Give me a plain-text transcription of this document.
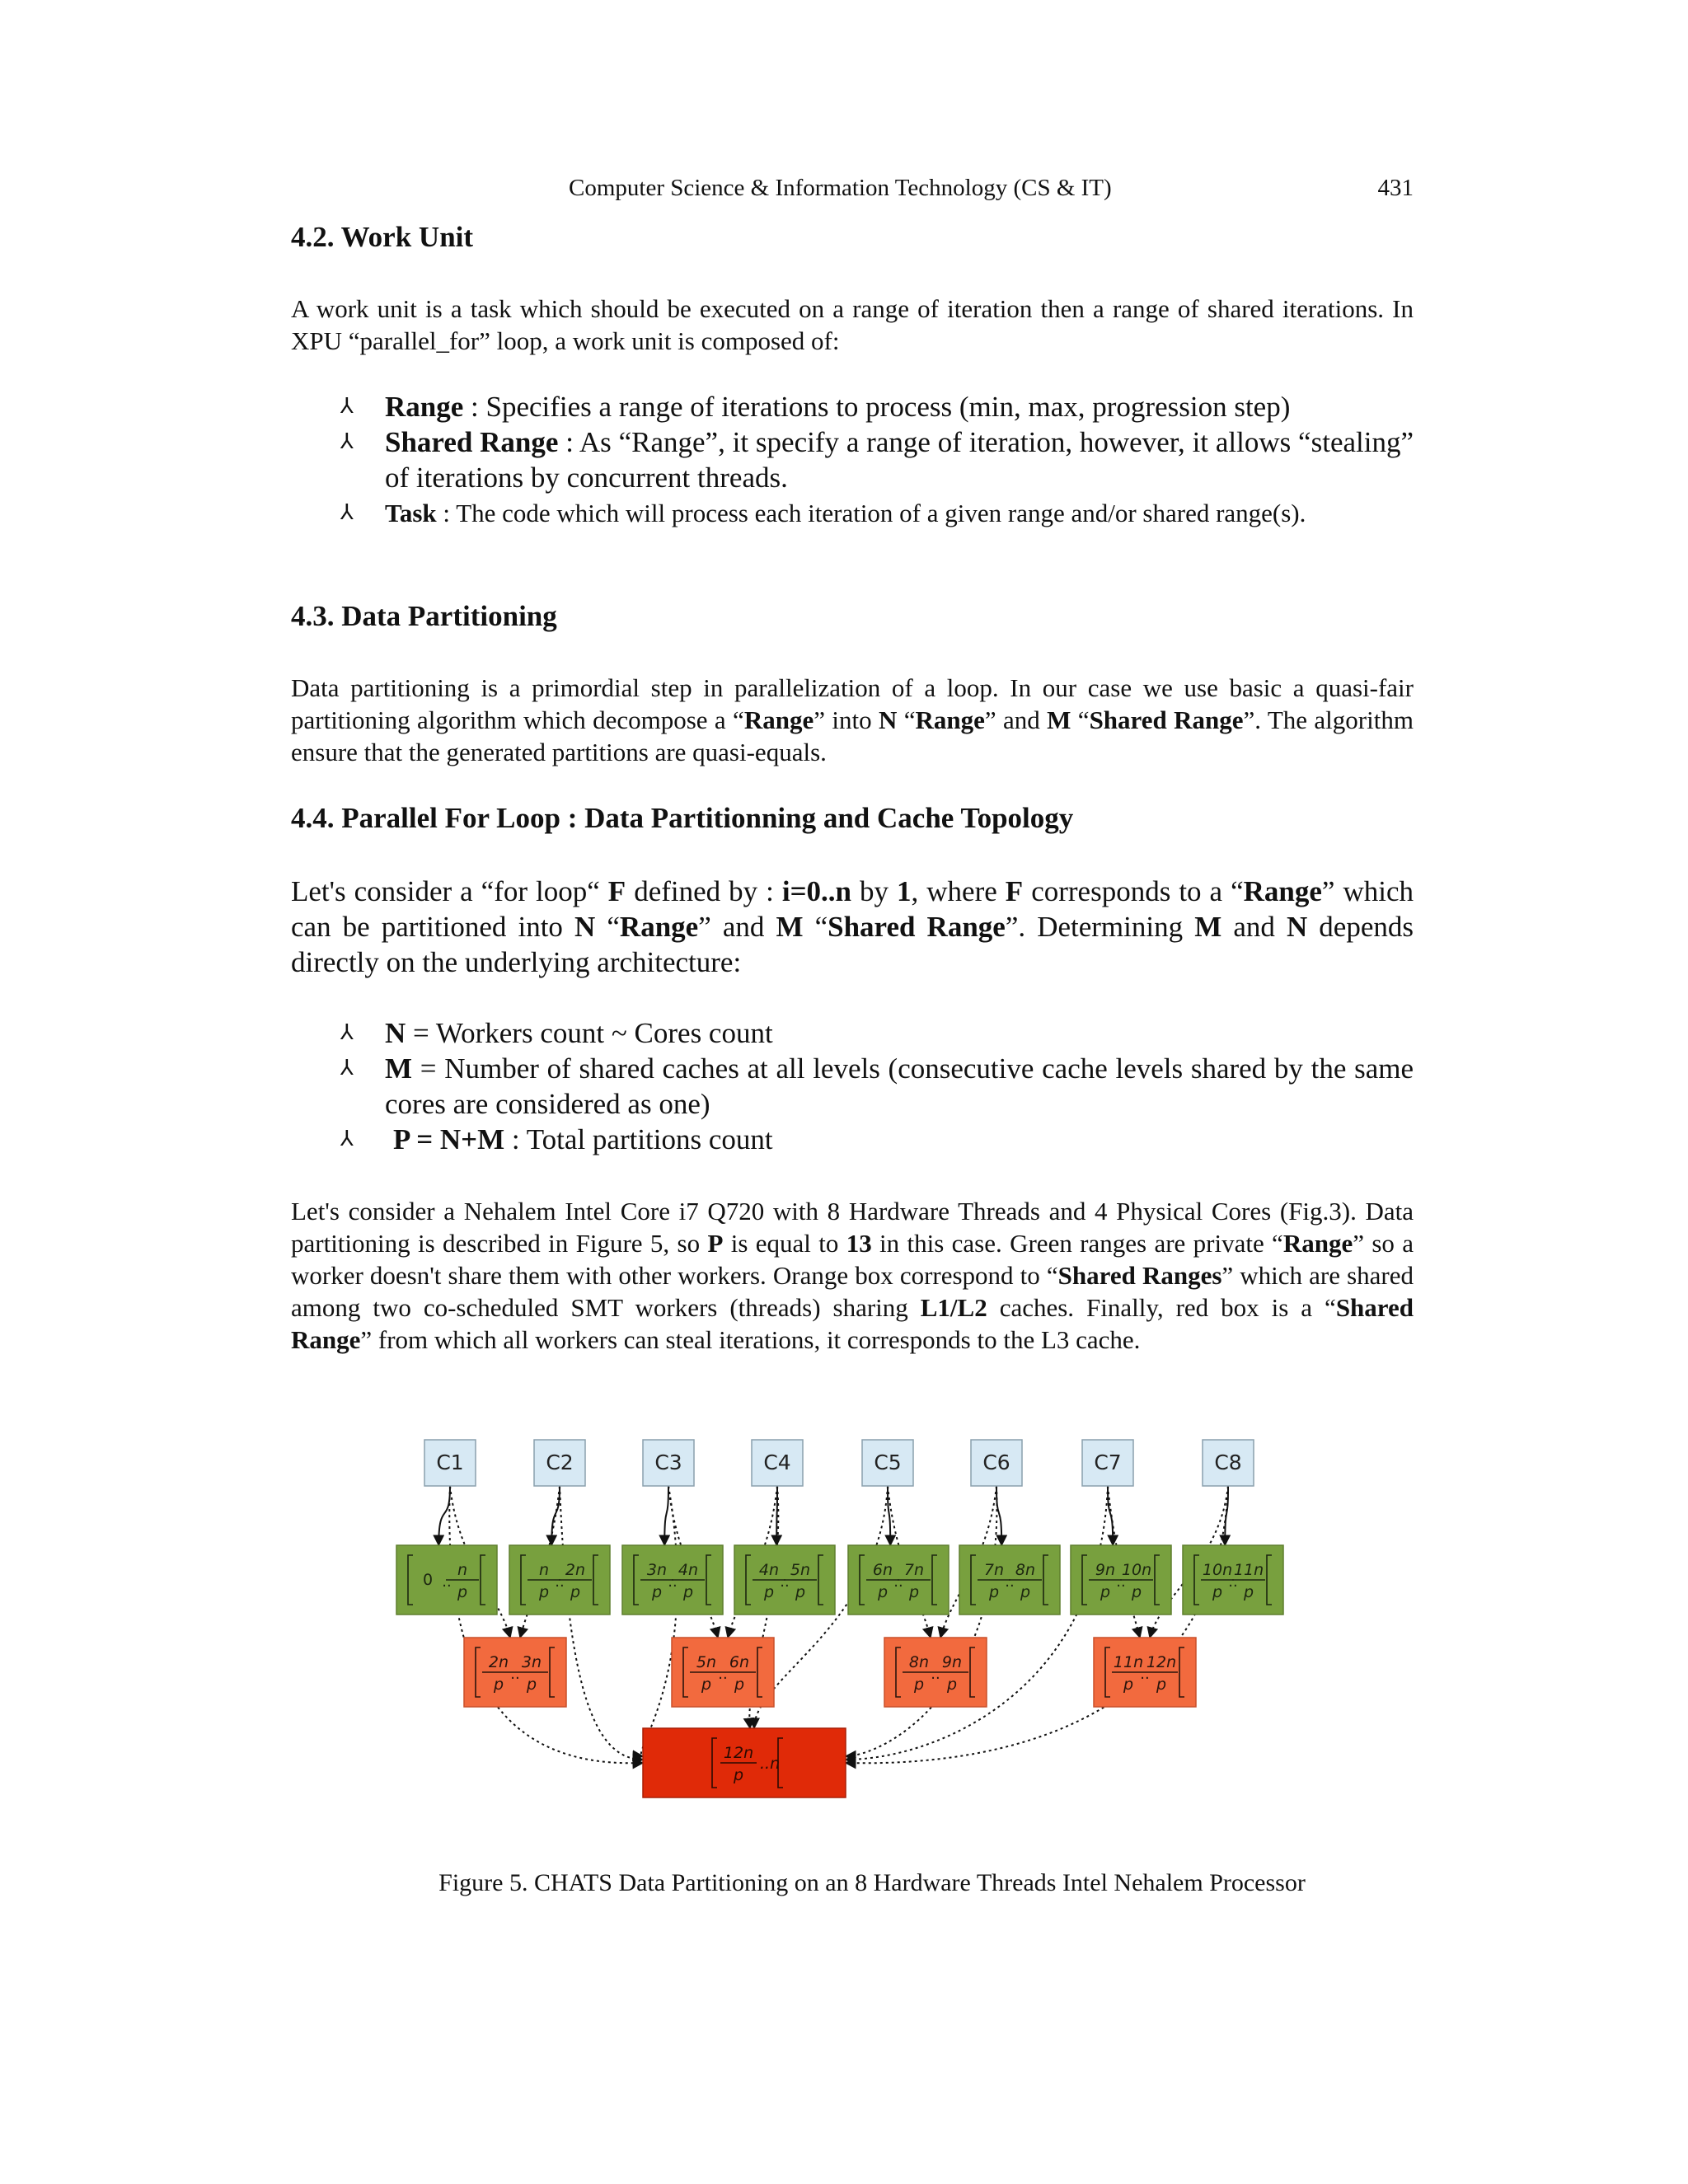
Computer Science & Information Technology (CS & IT)	431
4.2. Work Unit

A work unit is a task which should be executed on a range of iteration then a range of shared iterations. In XPU “parallel_for” loop, a work unit is composed of:

⅄ Range : Specifies a range of iterations to process (min, max, progression step)
⅄ Shared Range : As “Range”, it specify a range of iteration, however, it allows “stealing” of iterations by concurrent threads.
⅄ Task : The code which will process each iteration of a given range and/or shared range(s).
4.3. Data Partitioning

Data partitioning is a primordial step in parallelization of a loop. In our case we use basic a quasi-fair partitioning algorithm which decompose a “Range” into N “Range” and M “Shared Range”. The algorithm ensure that the generated partitions are quasi-equals.

4.4. Parallel For Loop : Data Partitionning and Cache Topology

Let's consider a “for loop“ F defined by : i=0..n by 1, where F corresponds to a “Range” which can be partitioned into N “Range” and M “Shared Range”. Determining M and N depends directly on the underlying architecture:

⅄ N = Workers count ~ Cores count
⅄ M = Number of shared caches at all levels (consecutive cache levels shared by the same cores are considered as one)
⅄ P = N+M : Total partitions count

Let's consider a Nehalem Intel Core i7 Q720 with 8 Hardware Threads and 4 Physical Cores (Fig.3). Data partitioning is described in Figure 5, so P is equal to 13 in this case. Green ranges are private “Range” so a worker doesn't share them with other workers. Orange box correspond to “Shared Ranges” which are shared among two co-scheduled SMT workers (threads) sharing L1/L2 caches. Finally, red box is a “Shared Range” from which all workers can steal iterations, it corresponds to the L3 cache.

C1	C2	C3	C4	C5	C6	C7	C8
0 ..
n
p
n
p
..
2n
p
3n
p
..
4n
p
4n
p
..
5n
p
6n
p
..
7n
p
7n
p
..
8n
p
9n
p
..
10n
p
10n
p
..
11n
p
2n
p
..
3n
p
5n
p
..
6n
p
8n
p
..
9n
p
11n
p
..
12n
p
12n
p
..n

Figure 5. CHATS Data Partitioning on an 8 Hardware Threads Intel Nehalem Processor
